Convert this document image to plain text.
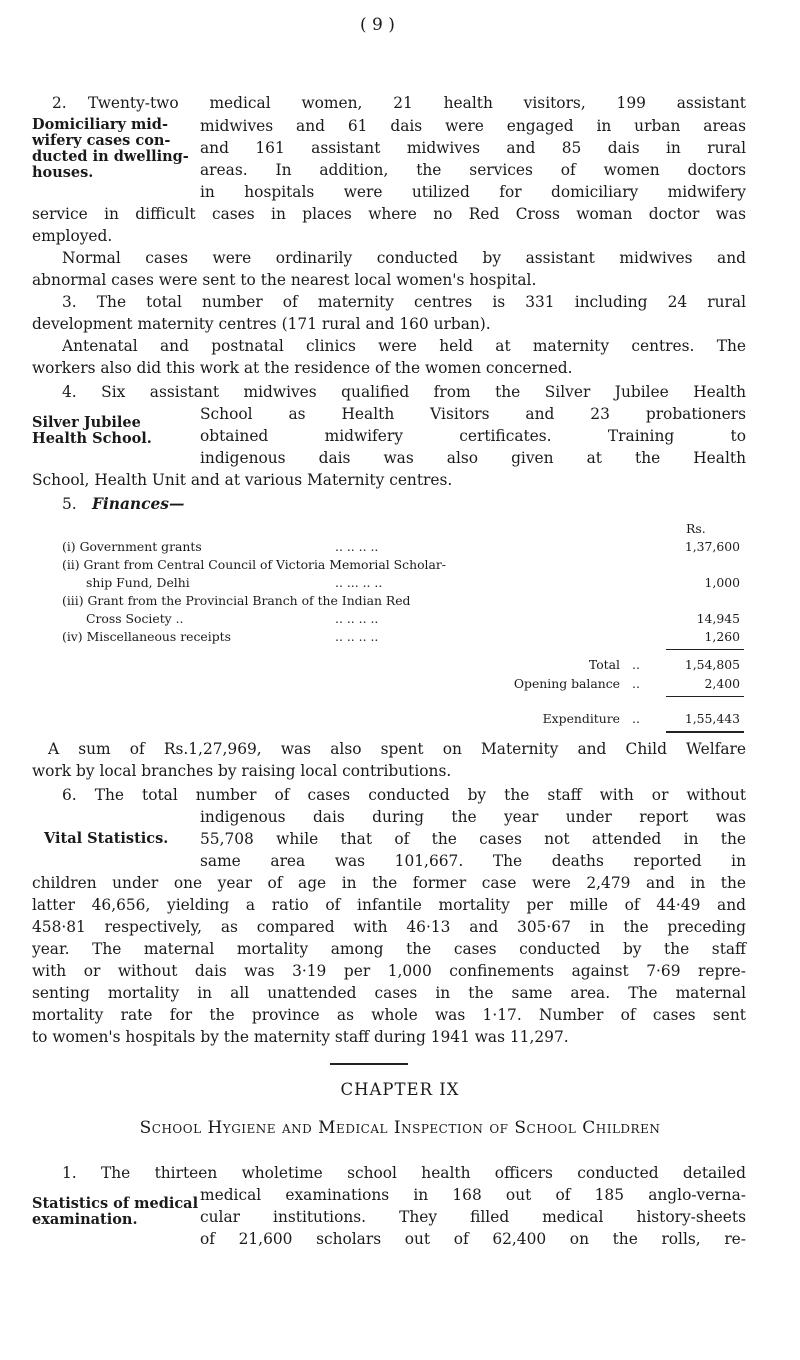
( 9 )
2. Twenty-two medical women, 21 health visitors, 199 assistant
Domiciliary mid-
wifery cases con-
ducted in dwelling-
houses.
midwives and 61 dais were engaged in urban areas
and 161 assistant midwives and 85 dais in rural
areas. In addition, the services of women doctors
in hospitals were utilized for domiciliary midwifery
service in difficult cases in places where no Red Cross woman doctor was
employed.
Normal cases were ordinarily conducted by assistant midwives and
abnormal cases were sent to the nearest local women's hospital.
3. The total number of maternity centres is 331 including 24 rural
development maternity centres (171 rural and 160 urban).
Antenatal and postnatal clinics were held at maternity centres. The
workers also did this work at the residence of the women concerned.
4. Six assistant midwives qualified from the Silver Jubilee Health
School as Health Visitors and 23 probationers
Silver Jubilee
Health School.	obtained midwifery certificates. Training to
indigenous dais was also given at the Health
School, Health Unit and at various Maternity centres.
5. Finances—
Rs.
(i) Government grants	.. .. .. ..	1,37,600
(ii) Grant from Central Council of Victoria Memorial Scholar-
ship Fund, Delhi	.. ... .. ..	1,000
(iii) Grant from the Provincial Branch of the Indian Red
Cross Society ..	.. .. .. ..	14,945
(iv) Miscellaneous receipts	.. .. .. ..	1,260
Total ..	1,54,805
Opening balance ..	2,400
Expenditure ..	1,55,443
A sum of Rs.1,27,969, was also spent on Maternity and Child Welfare
work by local branches by raising local contributions.
6. The total number of cases conducted by the staff with or without
indigenous dais during the year under report was
Vital Statistics. 55,708 while that of the cases not attended in the
same area was 101,667. The deaths reported in
children under one year of age in the former case were 2,479 and in the
latter 46,656, yielding a ratio of infantile mortality per mille of 44·49 and
458·81 respectively, as compared with 46·13 and 305·67 in the preceding
year. The maternal mortality among the cases conducted by the staff
with or without dais was 3·19 per 1,000 confinements against 7·69 repre-
senting mortality in all unattended cases in the same area. The maternal
mortality rate for the province as whole was 1·17. Number of cases sent
to women's hospitals by the maternity staff during 1941 was 11,297.
CHAPTER IX
School Hygiene and Medical Inspection of School Children
1. The thirteen wholetime school health officers conducted detailed
medical examinations in 168 out of 185 anglo-verna-
Statistics of medical
examination.	cular institutions. They filled medical history-sheets
of 21,600 scholars out of 62,400 on the rolls, re-
